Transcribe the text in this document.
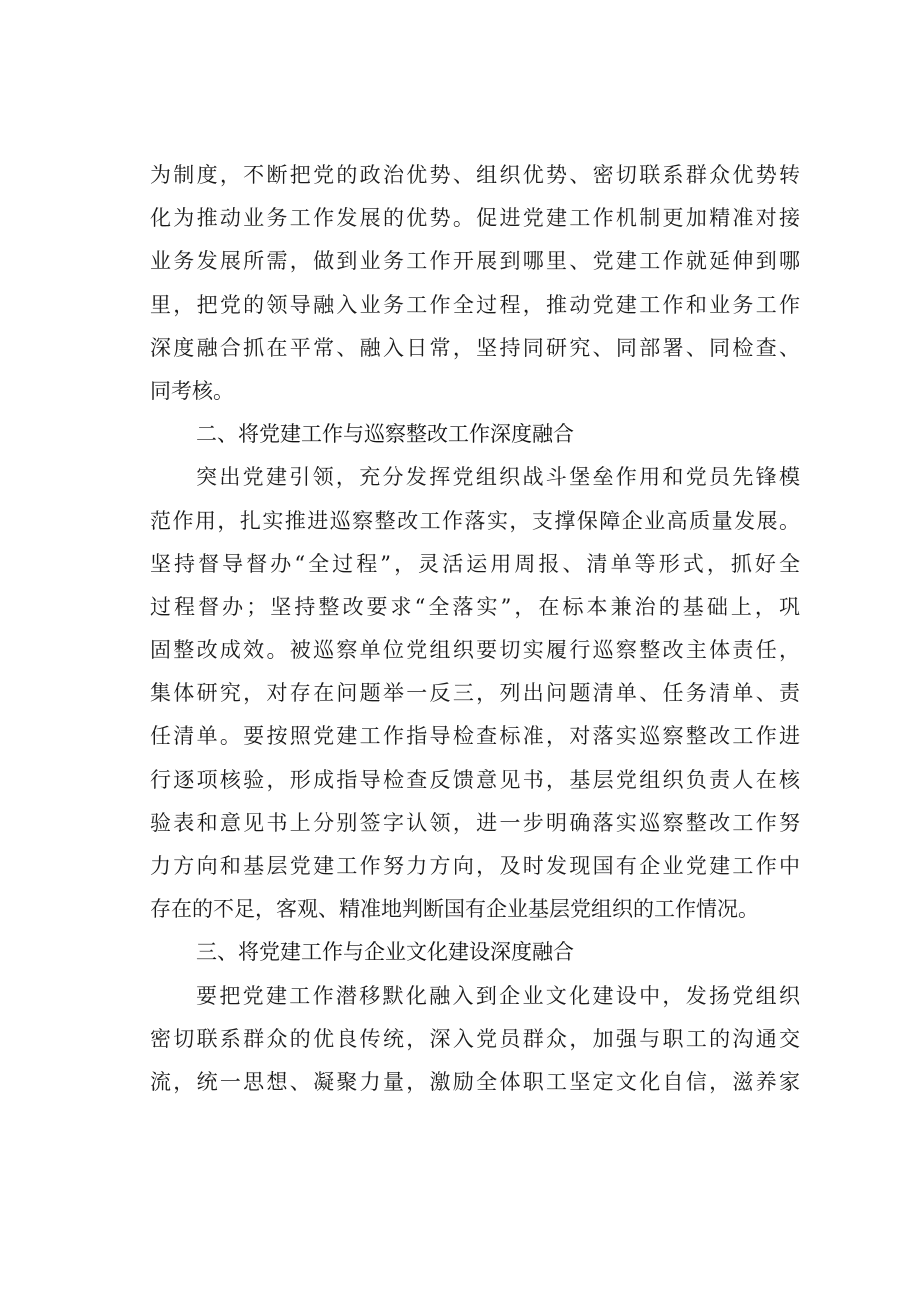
为制度，不断把党的政治优势、组织优势、密切联系群众优势转
化为推动业务工作发展的优势。促进党建工作机制更加精准对接
业务发展所需，做到业务工作开展到哪里、党建工作就延伸到哪
里，把党的领导融入业务工作全过程，推动党建工作和业务工作
深度融合抓在平常、融入日常，坚持同研究、同部署、同检查、
同考核。
二、将党建工作与巡察整改工作深度融合
突出党建引领，充分发挥党组织战斗堡垒作用和党员先锋模
范作用，扎实推进巡察整改工作落实，支撑保障企业高质量发展。
坚持督导督办“全过程”，灵活运用周报、清单等形式，抓好全
过程督办；坚持整改要求“全落实”，在标本兼治的基础上，巩
固整改成效。被巡察单位党组织要切实履行巡察整改主体责任，
集体研究，对存在问题举一反三，列出问题清单、任务清单、责
任清单。要按照党建工作指导检查标准，对落实巡察整改工作进
行逐项核验，形成指导检查反馈意见书，基层党组织负责人在核
验表和意见书上分别签字认领，进一步明确落实巡察整改工作努
力方向和基层党建工作努力方向，及时发现国有企业党建工作中
存在的不足，客观、精准地判断国有企业基层党组织的工作情况。
三、将党建工作与企业文化建设深度融合
要把党建工作潜移默化融入到企业文化建设中，发扬党组织
密切联系群众的优良传统，深入党员群众，加强与职工的沟通交
流，统一思想、凝聚力量，激励全体职工坚定文化自信，滋养家
